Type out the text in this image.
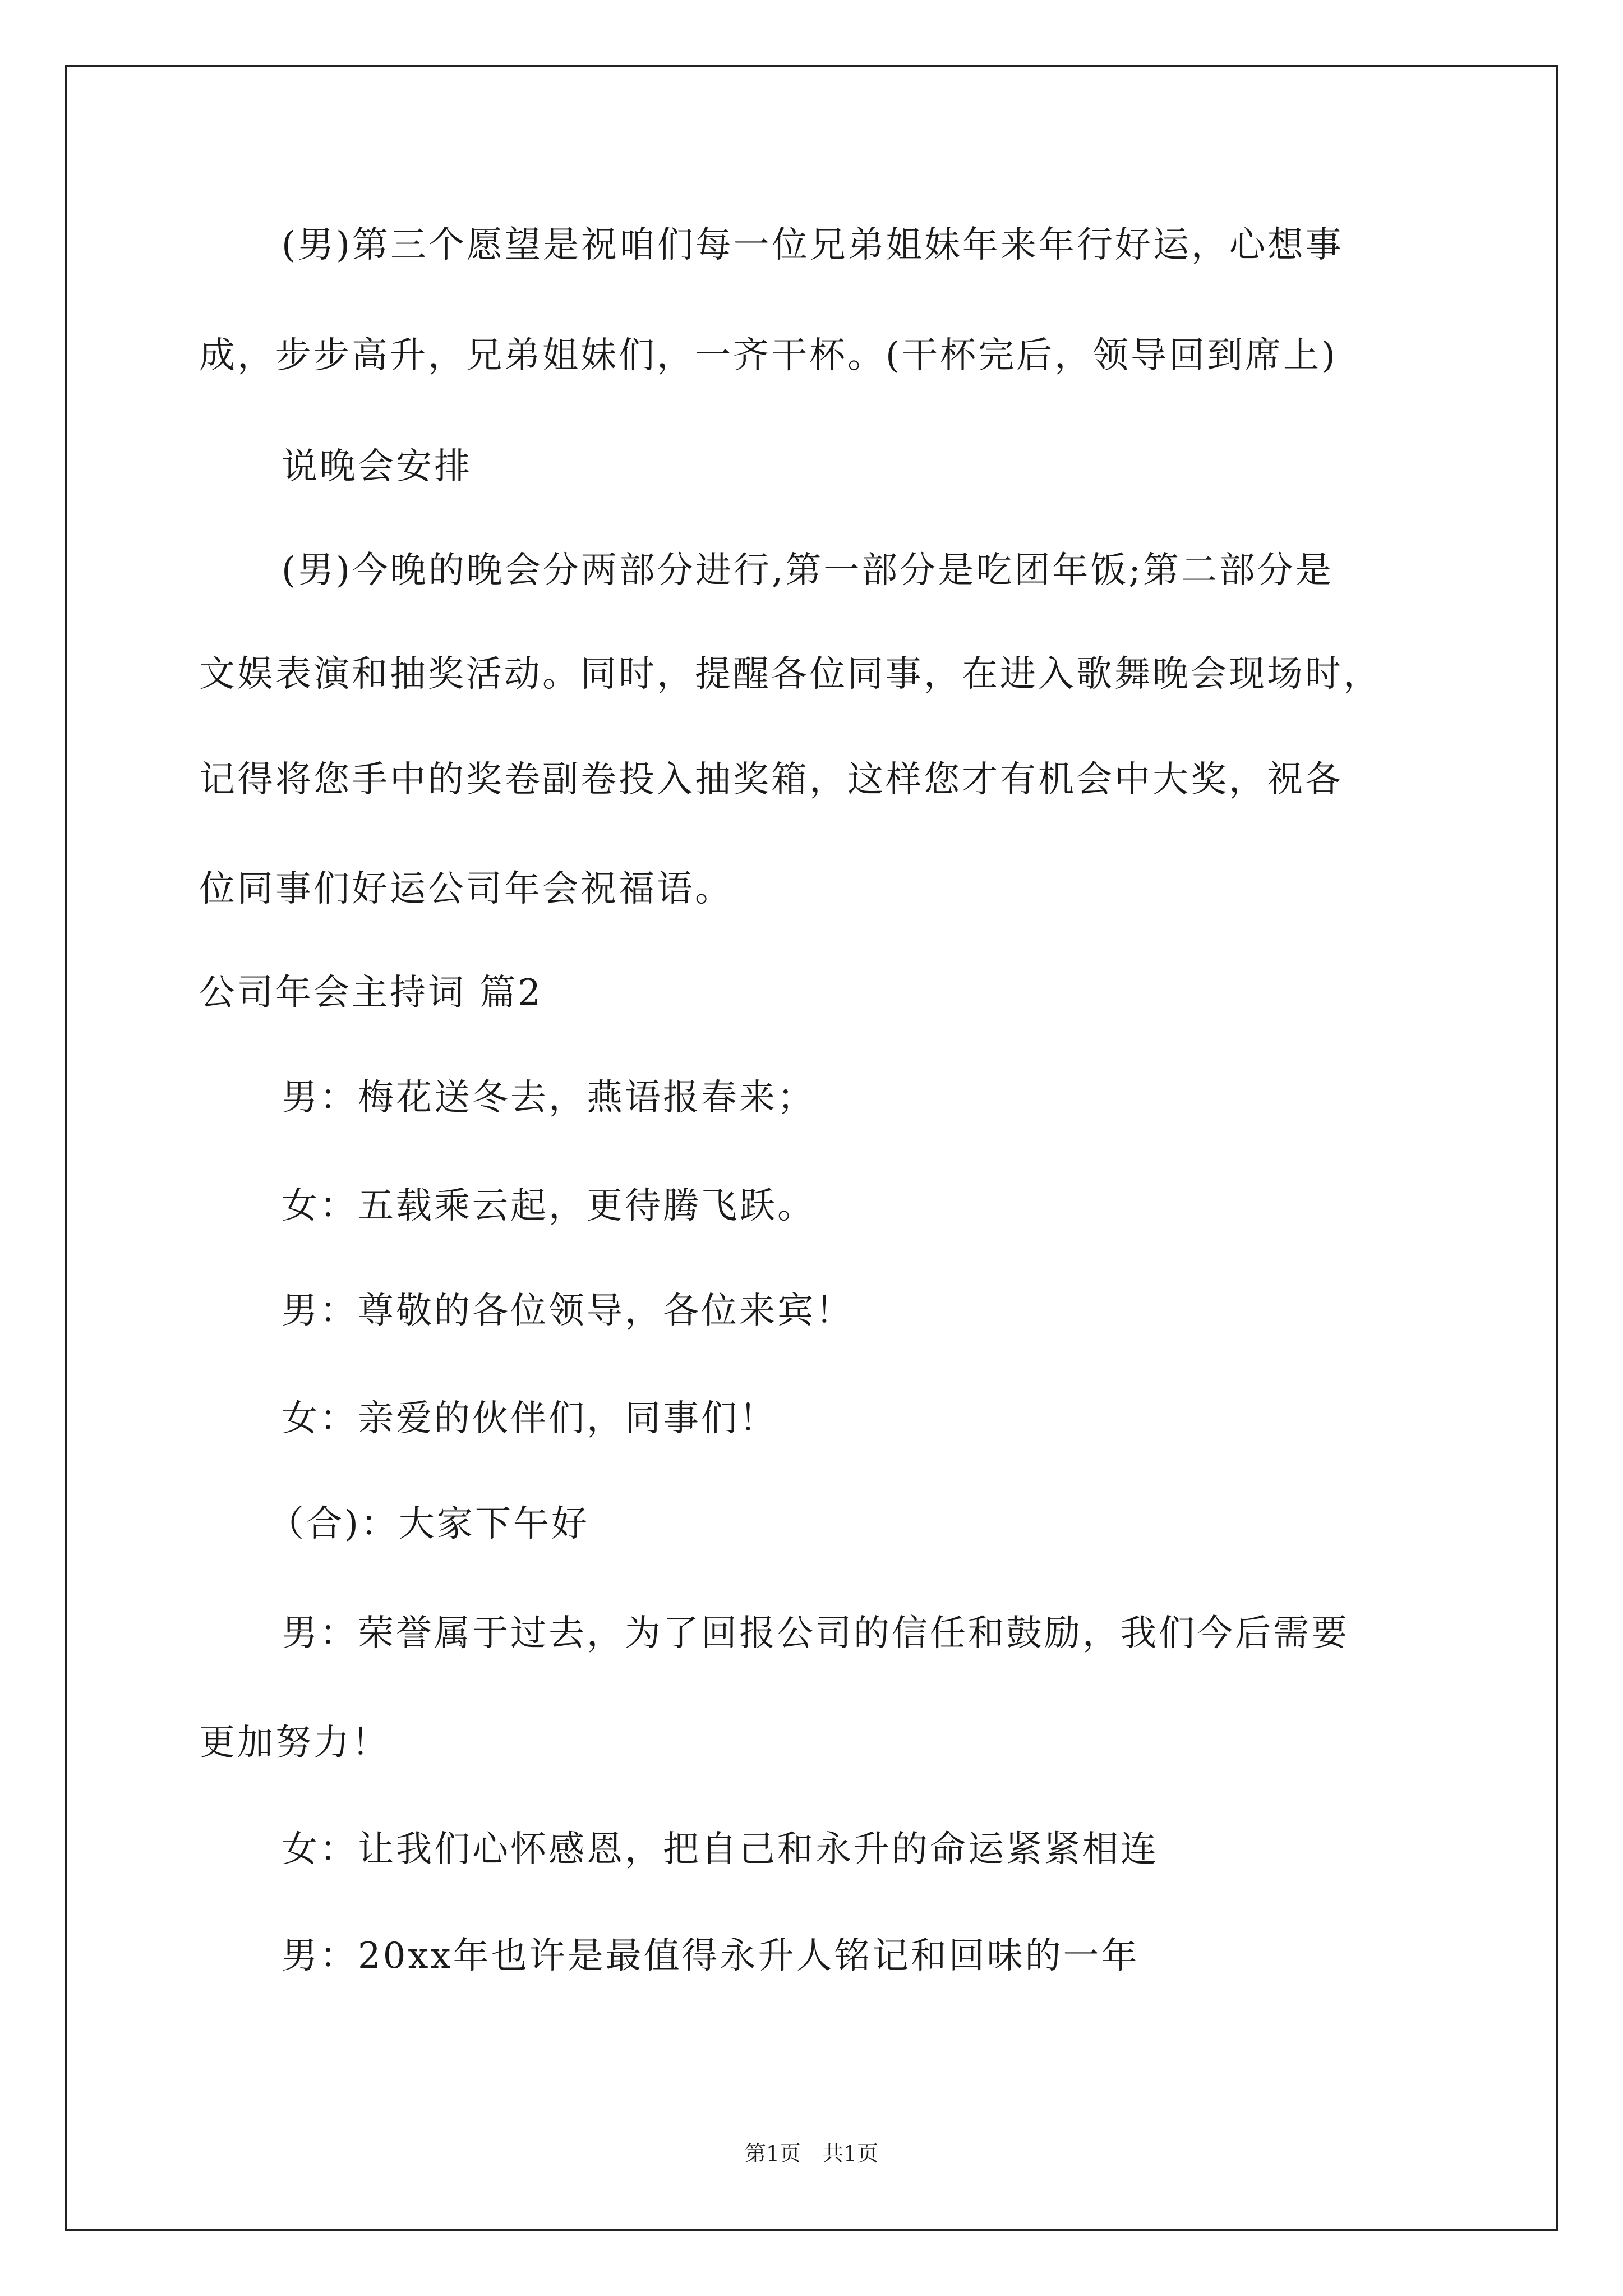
(男)第三个愿望是祝咱们每一位兄弟姐妹年来年行好运，心想事
成，步步高升，兄弟姐妹们，一齐干杯。(干杯完后，领导回到席上)
说晚会安排
(男)今晚的晚会分两部分进行,第一部分是吃团年饭;第二部分是
文娱表演和抽奖活动。同时，提醒各位同事，在进入歌舞晚会现场时，
记得将您手中的奖卷副卷投入抽奖箱，这样您才有机会中大奖，祝各
位同事们好运公司年会祝福语。
公司年会主持词 篇2
男：梅花送冬去，燕语报春来；
女：五载乘云起，更待腾飞跃。
男：尊敬的各位领导，各位来宾！
女：亲爱的伙伴们，同事们！
（合)：大家下午好
男：荣誉属于过去，为了回报公司的信任和鼓励，我们今后需要
更加努力！
女：让我们心怀感恩，把自己和永升的命运紧紧相连
男：20xx年也许是最值得永升人铭记和回味的一年
第1页　共1页
